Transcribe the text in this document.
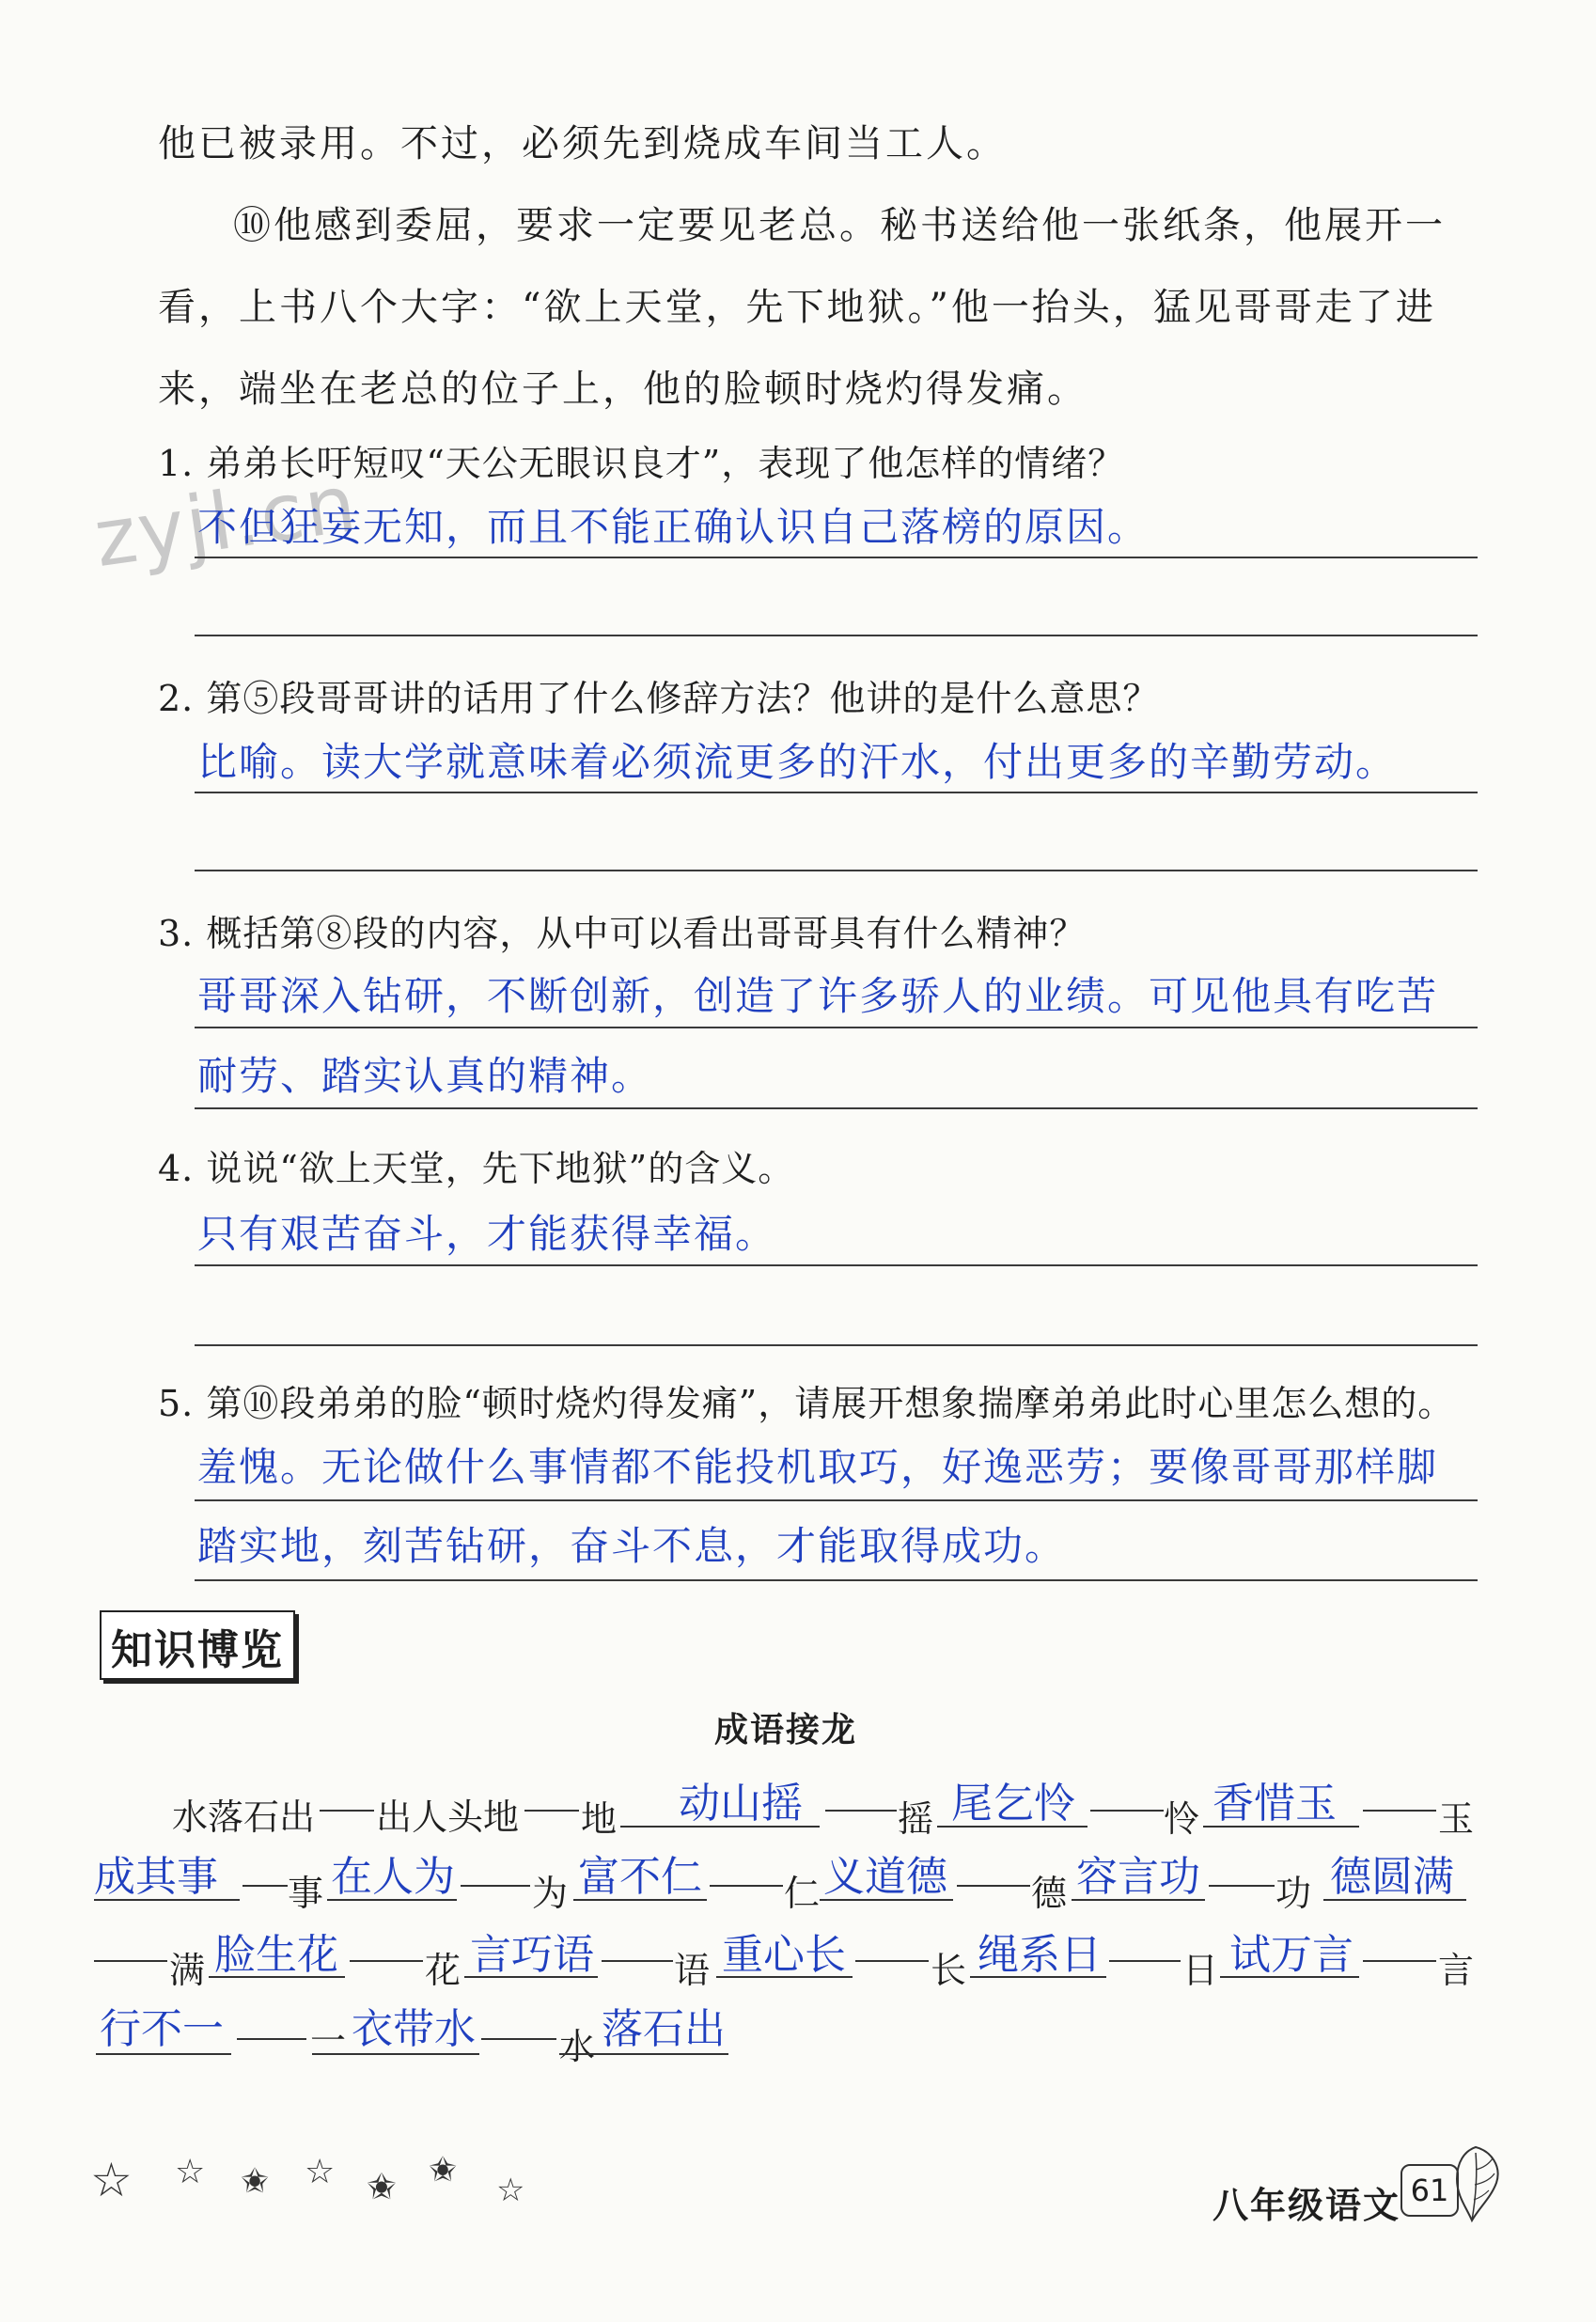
zyjl.cn

他已被录用。不过，必须先到烧成车间当工人。

⑩他感到委屈，要求一定要见老总。秘书送给他一张纸条，他展开一看，上书八个大字：“欲上天堂，先下地狱。”他一抬头，猛见哥哥走了进来，端坐在老总的位子上，他的脸顿时烧灼得发痛。

1. 弟弟长吁短叹“天公无眼识良才”，表现了他怎样的情绪？
不但狂妄无知，而且不能正确认识自己落榜的原因。
2. 第⑤段哥哥讲的话用了什么修辞方法？他讲的是什么意思？
比喻。读大学就意味着必须流更多的汗水，付出更多的辛勤劳动。
3. 概括第⑧段的内容，从中可以看出哥哥具有什么精神？
哥哥深入钻研，不断创新，创造了许多骄人的业绩。可见他具有吃苦
耐劳、踏实认真的精神。
4. 说说“欲上天堂，先下地狱”的含义。
只有艰苦奋斗，才能获得幸福。
5. 第⑩段弟弟的脸“顿时烧灼得发痛”，请展开想象揣摩弟弟此时心里怎么想的。
羞愧。无论做什么事情都不能投机取巧，好逸恶劳；要像哥哥那样脚
踏实地，刻苦钻研，奋斗不息，才能取得成功。
知识博览
成语接龙
水落石出 出人头地 地 动山摇	摇 尾乞怜 怜 香惜玉	玉
成其事 事 在人为 为 富不仁 仁 义道德 德 容言功 功 德圆满
满 脸生花 花 言巧语 语 重心长 长 绳系日 日 试万言 言
行不一 一 衣带水 水 落石出
☆ ☆ ✬ ☆ ✬ ✬
☆	八年级语文 61
